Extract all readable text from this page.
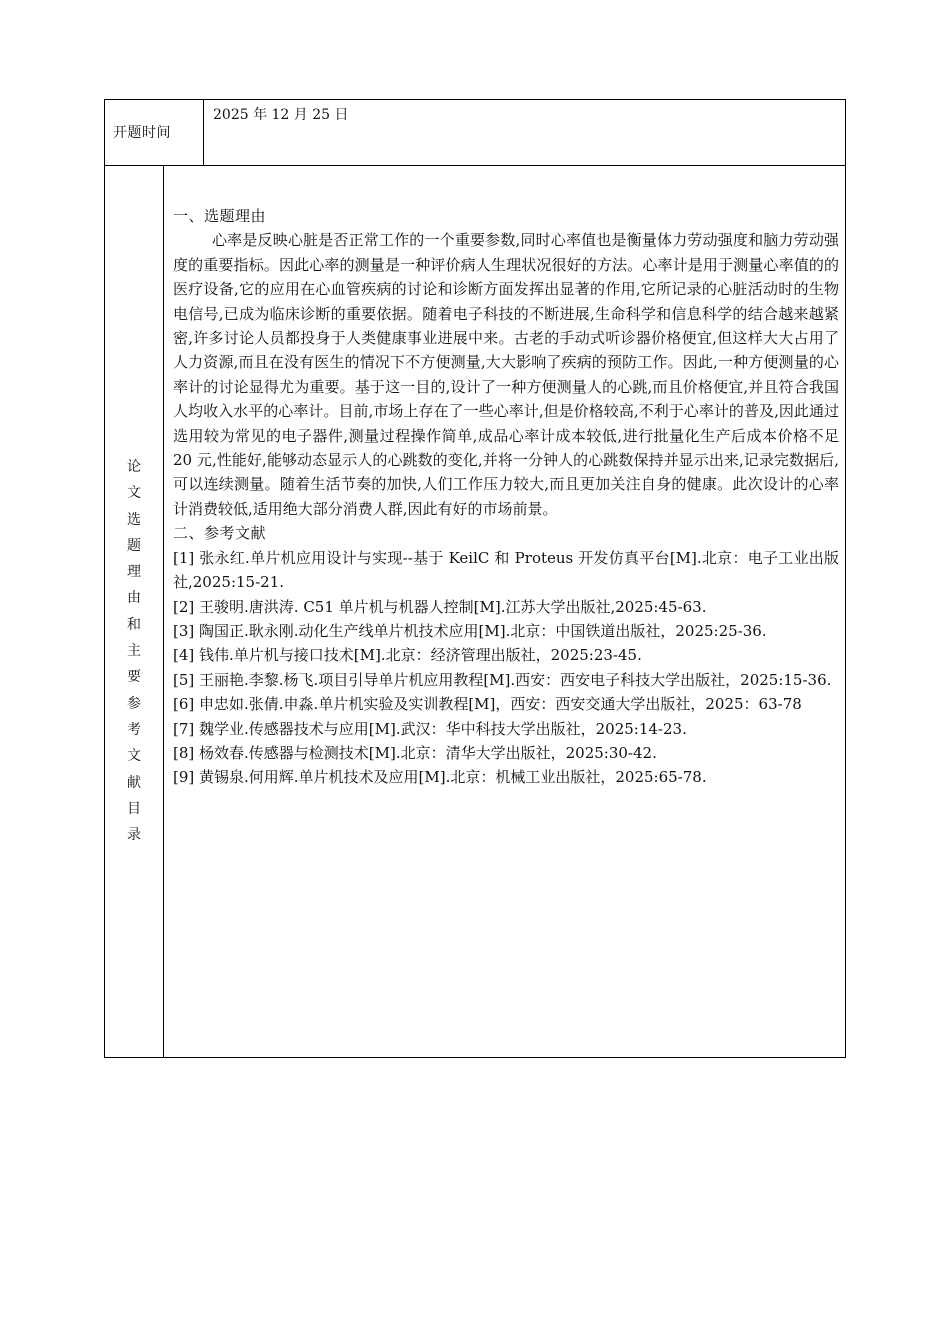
开题时间
2025 年 12 月 25 日
论
文
选
题
理
由
和
主
要
参
考
文
献
目
录

一、选题理由

心率是反映心脏是否正常工作的一个重要参数,同时心率值也是衡量体力劳动强度和脑力劳动强度的重要指标。因此心率的测量是一种评价病人生理状况很好的方法。心率计是用于测量心率值的的医疗设备,它的应用在心血管疾病的讨论和诊断方面发挥出显著的作用,它所记录的心脏活动时的生物电信号,已成为临床诊断的重要依据。随着电子科技的不断进展,生命科学和信息科学的结合越来越紧密,许多讨论人员都投身于人类健康事业进展中来。古老的手动式听诊器价格便宜,但这样大大占用了人力资源,而且在没有医生的情况下不方便测量,大大影响了疾病的预防工作。因此,一种方便测量的心率计的讨论显得尤为重要。基于这一目的,设计了一种方便测量人的心跳,而且价格便宜,并且符合我国人均收入水平的心率计。目前,市场上存在了一些心率计,但是价格较高,不利于心率计的普及,因此通过选用较为常见的电子器件,测量过程操作简单,成品心率计成本较低,进行批量化生产后成本价格不足 20 元,性能好,能够动态显示人的心跳数的变化,并将一分钟人的心跳数保持并显示出来,记录完数据后,可以连续测量。随着生活节奏的加快,人们工作压力较大,而且更加关注自身的健康。此次设计的心率计消费较低,适用绝大部分消费人群,因此有好的市场前景。

二、参考文献

[1] 张永红.单片机应用设计与实现--基于 KeilC 和 Proteus 开发仿真平台[M].北京：电子工业出版社,2025:15-21.

[2] 王骏明.唐洪涛. C51 单片机与机器人控制[M].江苏大学出版社,2025:45-63.

[3] 陶国正.耿永刚.动化生产线单片机技术应用[M].北京：中国铁道出版社，2025:25-36.

[4] 钱伟.单片机与接口技术[M].北京：经济管理出版社，2025:23-45.

[5] 王丽艳.李黎.杨飞.项目引导单片机应用教程[M].西安：西安电子科技大学出版社，2025:15-36.

[6] 申忠如.张倩.申淼.单片机实验及实训教程[M]，西安：西安交通大学出版社，2025：63-78

[7] 魏学业.传感器技术与应用[M].武汉：华中科技大学出版社，2025:14-23.

[8] 杨效春.传感器与检测技术[M].北京：清华大学出版社，2025:30-42.

[9] 黄锡泉.何用辉.单片机技术及应用[M].北京：机械工业出版社，2025:65-78.
